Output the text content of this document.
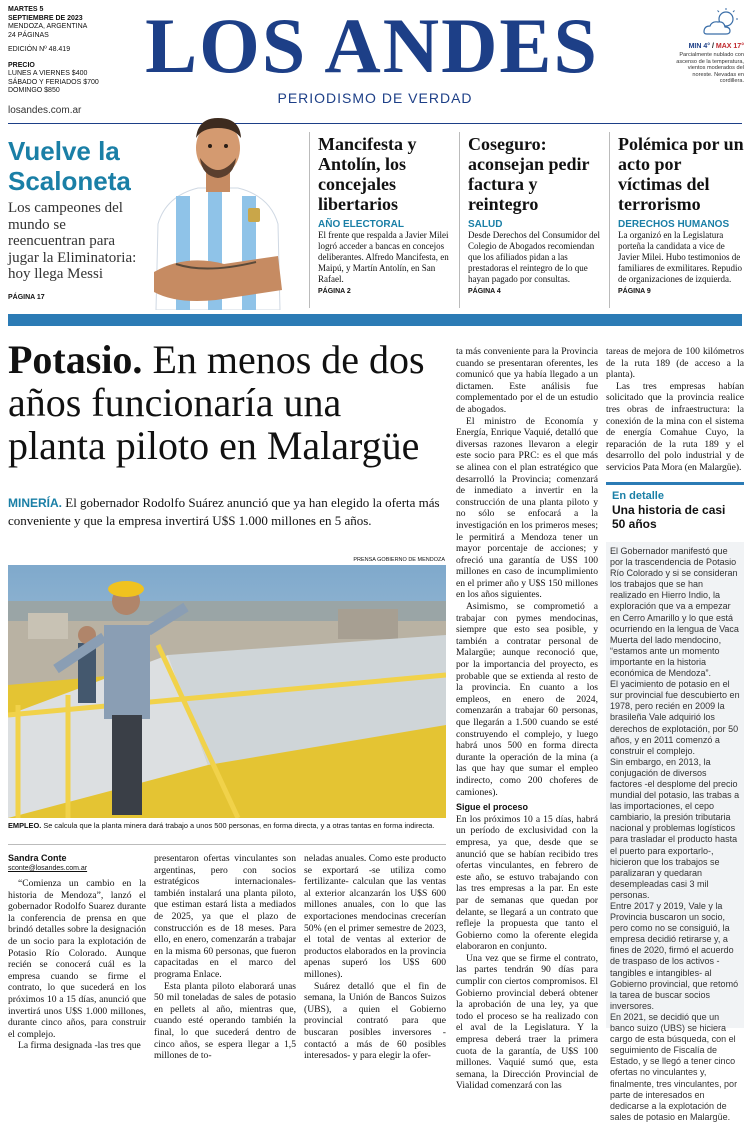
MARTES 5
SEPTIEMBRE DE 2023
MENDOZA, ARGENTINA
24 PÁGINAS
EDICIÓN Nº 48.419
PRECIO
LUNES A VIERNES $400
SÁBADO Y FERIADOS $700
DOMINGO $850
losandes.com.ar
LOS ANDES
PERIODISMO DE VERDAD
MIN 4° / MAX 17°
Parcialmente nublado con ascenso de la temperatura, vientos moderados del noreste. Nevadas en cordillera.
Vuelve la Scaloneta
Los campeones del mundo se reencuentran para jugar la Eliminatoria: hoy llega Messi
PÁGINA 17
Mancifesta y Antolín, los concejales libertarios
AÑO ELECTORAL
El frente que respalda a Javier Milei logró acceder a bancas en concejos deliberantes. Alfredo Mancifesta, en Maipú, y Martín Antolín, en San Rafael.
PÁGINA 2
Coseguro: aconsejan pedir factura y reintegro
SALUD
Desde Derechos del Consumidor del Colegio de Abogados recomiendan que los afiliados pidan a las prestadoras el reintegro de lo que hayan pagado por consultas.
PÁGINA 4
Polémica por un acto por víctimas del terrorismo
DERECHOS HUMANOS
La organizó en la Legislatura porteña la candidata a vice de Javier Milei. Hubo testimonios de familiares de exmilitares. Repudio de organizaciones de izquierda.
PÁGINA 9
Potasio. En menos de dos años funcionaría una planta piloto en Malargüe
MINERÍA. El gobernador Rodolfo Suárez anunció que ya han elegido la oferta más conveniente y que la empresa invertirá U$S 1.000 millones en 5 años.
PRENSA GOBIERNO DE MENDOZA
EMPLEO. Se calcula que la planta minera dará trabajo a unos 500 personas, en forma directa, y a otras tantas en forma indirecta.
Sandra Conte
sconte@losandes.com.ar

“Comienza un cambio en la historia de Mendoza”, lanzó el gobernador Rodolfo Suarez durante la conferencia de prensa en que brindó detalles sobre la designación de un socio para la explotación de Potasio Río Colorado. Aunque recién se conocerá cuál es la empresa cuando se firme el contrato, lo que sucederá en los próximos 10 a 15 días, anunció que invertirá unos U$S 1.000 millones, durante cinco años, para construir el complejo.

La firma designada -las tres que

presentaron ofertas vinculantes son argentinas, pero con socios estratégicos internacionales- también instalará una planta piloto, que estiman estará lista a mediados de 2025, ya que el plazo de construcción es de 18 meses. Para ello, en enero, comenzarán a trabajar en la misma 60 personas, que fueron capacitadas en el marco del programa Enlace.

Esta planta piloto elaborará unas 50 mil toneladas de sales de potasio en pellets al año, mientras que, cuando esté operando también la final, lo que sucederá dentro de cinco años, se espera llegar a 1,5 millones de to-

neladas anuales. Como este producto se exportará -se utiliza como fertilizante- calculan que las ventas al exterior alcanzarán los U$S 600 millones anuales, con lo que las exportaciones mendocinas crecerían 50% (en el primer semestre de 2023, el total de ventas al exterior de productos elaborados en la provincia apenas superó los U$S 600 millones).

Suárez detalló que el fin de semana, la Unión de Bancos Suizos (UBS), a quien el Gobierno provincial contrató para que buscaran posibles inversores -contactó a más de 60 posibles interesados- y para elegir la ofer-

ta más conveniente para la Provincia cuando se presentaran oferentes, les comunicó que ya había llegado a un dictamen. Este análisis fue complementado por el de un estudio de abogados.

El ministro de Economía y Energía, Enrique Vaquié, detalló que diversas razones llevaron a elegir este socio para PRC: es el que más se alinea con el plan estratégico que desarrolló la Provincia; comenzará de inmediato a invertir en la construcción de una planta piloto y no sólo se enfocará a la investigación en los primeros meses; le permitirá a Mendoza tener un mayor porcentaje de acciones; y ofreció una garantía de U$S 100 millones en caso de incumplimiento en el primer año y U$S 150 millones en los años siguientes.

Asimismo, se comprometió a trabajar con pymes mendocinas, siempre que esto sea posible, y también a contratar personal de Malargüe; aunque reconoció que, por la importancia del proyecto, es probable que se extienda al resto de la provincia. En cuanto a los empleos, en enero de 2024, comenzarán a trabajar 60 personas, que llegarán a 1.500 cuando se esté construyendo el complejo, y luego habrá unos 500 en forma directa durante la operación de la mina (a las que hay que sumar el empleo indirecto, como 200 choferes de camiones).

Sigue el proceso

En los próximos 10 a 15 días, habrá un período de exclusividad con la empresa, ya que, desde que se anunció que se habían recibido tres ofertas vinculantes, en febrero de este año, se estuvo trabajando con las tres empresas a la par. En este par de semanas que quedan por delante, se llegará a un contrato que refleje la propuesta que tanto el Gobierno como la oferente elegida elaboraron en conjunto.

Una vez que se firme el contrato, las partes tendrán 90 días para cumplir con ciertos compromisos. El Gobierno provincial deberá obtener la aprobación de una ley, ya que todo el proceso se ha realizado con el aval de la Legislatura. Y la empresa deberá traer la primera cuota de la garantía, de U$S 100 millones. Vaquié sumó que, esta semana, la Dirección Provincial de Vialidad comenzará con las

tareas de mejora de 100 kilómetros de la ruta 189 (de acceso a la planta).

Las tres empresas habían solicitado que la provincia realice tres obras de infraestructura: la conexión de la mina con el sistema de energía Comahue Cuyo, la reparación de la ruta 189 y el desarrollo del polo industrial y de servicios Pata Mora (en Malargüe).

En detalle
Una historia de casi 50 años

El Gobernador manifestó que por la trascendencia de Potasio Río Colorado y si se consideran los trabajos que se han realizado en Hierro Indio, la exploración que va a empezar en Cerro Amarillo y lo que está ocurriendo en la lengua de Vaca Muerta del lado mendocino, “estamos ante un momento importante en la historia económica de Mendoza”.

El yacimiento de potasio en el sur provincial fue descubierto en 1978, pero recién en 2009 la brasileña Vale adquirió los derechos de explotación, por 50 años, y en 2011 comenzó a construir el complejo.

Sin embargo, en 2013, la conjugación de diversos factores -el desplome del precio mundial del potasio, las trabas a las importaciones, el cepo cambiario, la presión tributaria nacional y problemas logísticos para trasladar el producto hasta el puerto para exportarlo-, hicieron que los trabajos se paralizaran y quedaran desempleadas casi 3 mil personas.

Entre 2017 y 2019, Vale y la Provincia buscaron un socio, pero como no se consiguió, la empresa decidió retirarse y, a fines de 2020, firmó el acuerdo de traspaso de los activos -tangibles e intangibles- al Gobierno provincial, que retomó la tarea de buscar socios inversores.

En 2021, se decidió que un banco suizo (UBS) se hiciera cargo de esta búsqueda, con el seguimiento de Fiscalía de Estado, y se llegó a tener cinco ofertas no vinculantes y, finalmente, tres vinculantes, por parte de interesados en dedicarse a la explotación de sales de potasio en Malargüe.
